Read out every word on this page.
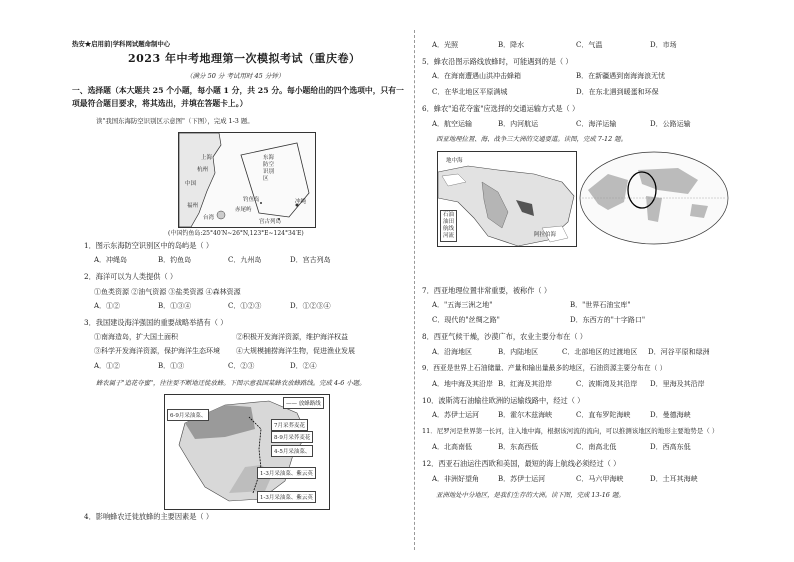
热安★启用前|学科网试题命制中心
2023 年中考地理第一次模拟考试（重庆卷）
（满分 50 分 考试用时 45 分钟）
一、选择题（本大题共 25 个小题，每小题 1 分，共 25 分。每小题给出的四个选项中，只有一
项最符合题目要求，将其选出，并填在答题卡上。）
读"我国东海防空识别区示意图"（下图），完成 1-3 题。
上海
杭州
中国
福州
台湾
钓鱼岛
赤尾屿
宫古列岛
冲绳
东海防空识别区
(中国钓鱼岛:25°40′N~26°N,123°E~124°34′E)
1．图示东海防空识别区中的岛屿是（ ）
A．冲绳岛	B．钓鱼岛	C．九州岛	D．宫古列岛
2．海洋可以为人类提供（ ）
①鱼类资源 ②油气资源 ③盐类资源 ④森林资源
A．①②	B．①③④	C．①②③	D．①②③④
3．我国建设海洋强国的重要战略举措有（ ）
①南海造岛，扩大国土面积	②积极开发海洋资源，维护海洋权益
③科学开发海洋资源，保护海洋生态环境 ④大规模捕捞海洋生物，促进渔业发展
A．①②	B．①③	C．②③	D．②④
蜂农属于"追花夺蜜"，往往要不断地迁徙放蜂。下图示意我国某蜂农放蜂路线。完成 4-6 小题。
—— 放蜂路线
6-9月采油菜、
7月采荞麦花
8-9月采荞麦花
4-5月采油菜、
1-3月采油菜、紫云英
1-3月采油菜、紫云英
4．影响蜂农迁徙放蜂的主要因素是（ ）
A．光照	B．降水	C．气温	D．市场
5．蜂农沿图示路线放蜂时，可能遇到的是（ ）
A．在海南遭遇山洪冲击蜂箱	B．在新疆遇到南海海浪无忧
C．在华北地区平原满城	D．在东北遇到暖蛋和环保
6．蜂农"追花夺蜜"应选择的交通运输方式是（ ）
A．航空运输	B．内河航运	C．海洋运输	D．公路运输
西亚地理位置、海、战争三大洲的交通要道。读图，完成 7-12 题。
地中海
阿拉伯海
石油
油田
航线
河流
7．西亚地理位置非常重要，被称作（ ）
A．"五海三洲之地"	B．"世界石油宝库"
C．现代的"丝绸之路"	D．东西方的"十字路口"
8．西亚气候干燥，沙漠广布，农业主要分布在（ ）
A．沿海地区	B．内陆地区	C．北部地区的过渡地区 D．河谷平原和绿洲
9．西亚是世界上石油储量、产量和输出量最多的地区，石油资源主要分布在（ ）
A．地中海及其沿岸 B．红海及其沿岸	C．波斯湾及其沿岸 D．里海及其沿岸
10．波斯湾石油输往欧洲的运输线路中，经过（ ）
A．苏伊士运河	B．霍尔木兹海峡	C．直布罗陀海峡	D．曼德海峡
11．尼罗河是世界第一长河，注入地中海，根据该河流的流向，可以推测该地区的地形主要地势是（ ）
A．北高南低	B．东高西低	C．南高北低	D．西高东低
12．西亚石油运往西欧和美国，最短的海上航线必须经过（ ）
A．非洲好望角	B．苏伊士运河	C．马六甲海峡	D．土耳其海峡
亚洲地处中分地区，是我们生存的大洲。读下图，完成 13-16 题。
